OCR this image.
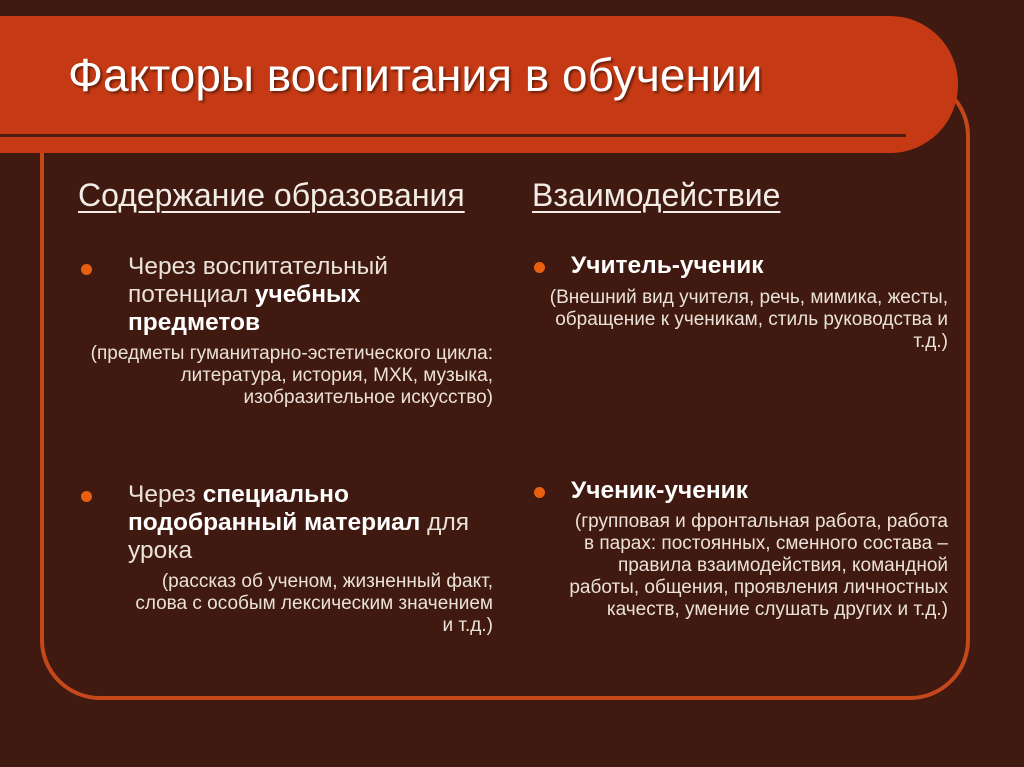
Факторы воспитания в обучении
Содержание образования Взаимодействие
Через воспитательный потенциал учебных предметов
(предметы гуманитарно-эстетического цикла: литература, история, МХК, музыка, изобразительное искусство)
Через специально подобранный материал для урока
(рассказ об ученом, жизненный факт, слова с особым лексическим значением и т.д.)
Учитель-ученик
(Внешний вид учителя, речь, мимика, жесты, обращение к ученикам, стиль руководства и т.д.)
Ученик-ученик
(групповая и фронтальная работа, работа в парах: постоянных, сменного состава – правила взаимодействия, командной работы, общения, проявления личностных качеств, умение слушать других и т.д.)
